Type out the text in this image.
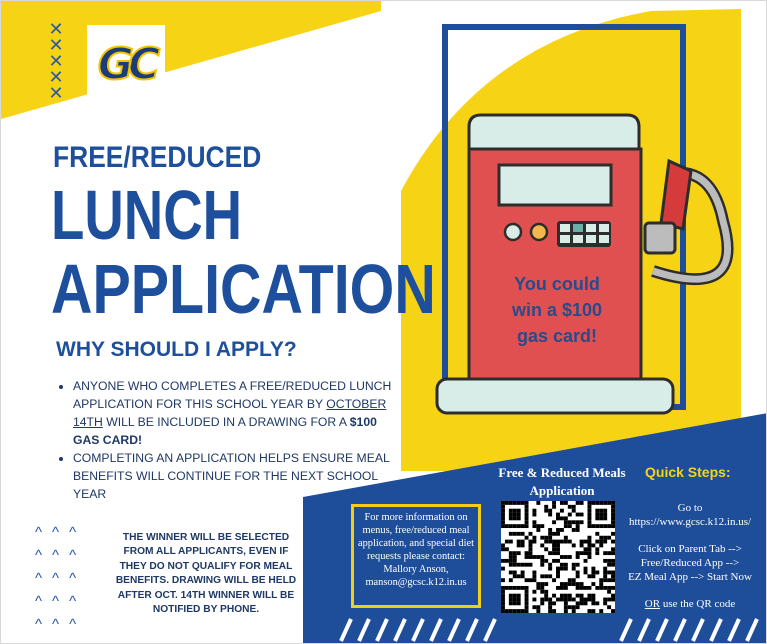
✕
✕
✕
✕
✕
GC
FREE/REDUCED
LUNCH
APPLICATION
WHY SHOULD I APPLY?
• ANYONE WHO COMPLETES A FREE/REDUCED LUNCH APPLICATION FOR THIS SCHOOL YEAR BY OCTOBER 14TH WILL BE INCLUDED IN A DRAWING FOR A $100 GAS CARD!
• COMPLETING AN APPLICATION HELPS ENSURE MEAL BENEFITS WILL CONTINUE FOR THE NEXT SCHOOL YEAR
^^^
^^^
^^^
^^^
^^^
THE WINNER WILL BE SELECTED FROM ALL APPLICANTS, EVEN IF THEY DO NOT QUALIFY FOR MEAL BENEFITS. DRAWING WILL BE HELD AFTER OCT. 14TH WINNER WILL BE NOTIFIED BY PHONE.
You could
win a $100
gas card!
Free & Reduced Meals Application
Quick Steps:
For more information on menus, free/reduced meal application, and special diet requests please contact:
Mallory Anson,
manson@gcsc.k12.in.us

Go to

https://www.gcsc.k12.in.us/

Click on Parent Tab -->

Free/Reduced App -->

EZ Meal App --> Start Now

OR use the QR code
